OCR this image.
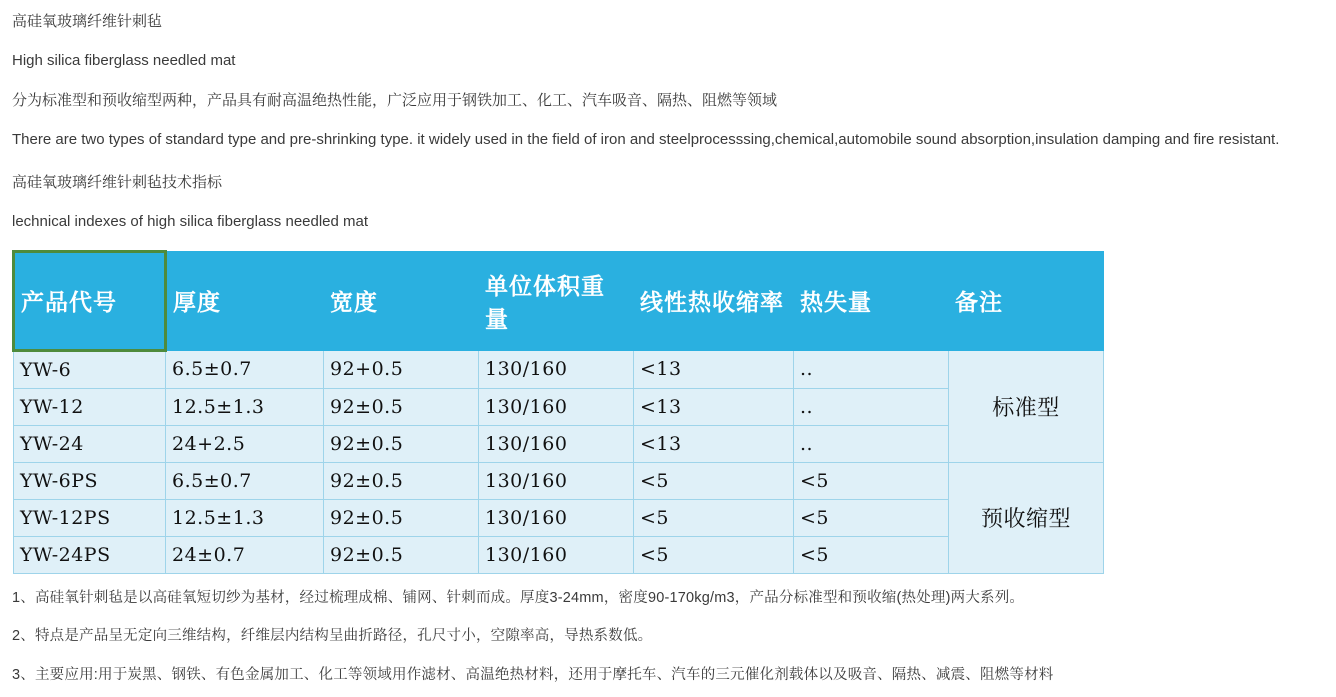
高硅氧玻璃纤维针刺毡

High silica fiberglass needled mat

分为标准型和预收缩型两种，产品具有耐高温绝热性能，广泛应用于钢铁加工、化工、汽车吸音、隔热、阻燃等领域

There are two types of standard type and pre-shrinking type. it widely used in the field of iron and steelprocesssing,chemical,automobile sound absorption,insulation damping and fire resistant.

高硅氧玻璃纤维针刺毡技术指标

lechnical indexes of high silica fiberglass needled mat

产品代号	厚度	宽度	单位体积重量	线性热收缩率	热失量	备注
YW-6	6.5±0.7	92+0.5	130/160	<13	..	标准型
YW-12	12.5±1.3	92±0.5	130/160	<13	..	
YW-24	24+2.5	92±0.5	130/160	<13	..	
YW-6PS	6.5±0.7	92±0.5	130/160	<5	<5	预收缩型
YW-12PS	12.5±1.3	92±0.5	130/160	<5	<5	
YW-24PS	24±0.7	92±0.5	130/160	<5	<5	
1、高硅氧针刺毡是以高硅氧短切纱为基材，经过梳理成棉、铺网、针刺而成。厚度3-24mm，密度90-170kg/m3，产品分标准型和预收缩(热处理)两大系列。
2、特点是产品呈无定向三维结构，纤维层内结构呈曲折路径，孔尺寸小，空隙率高，导热系数低。
3、主要应用:用于炭黑、钢铁、有色金属加工、化工等领域用作滤材、高温绝热材料，还用于摩托车、汽车的三元催化剂载体以及吸音、隔热、减震、阻燃等材料
